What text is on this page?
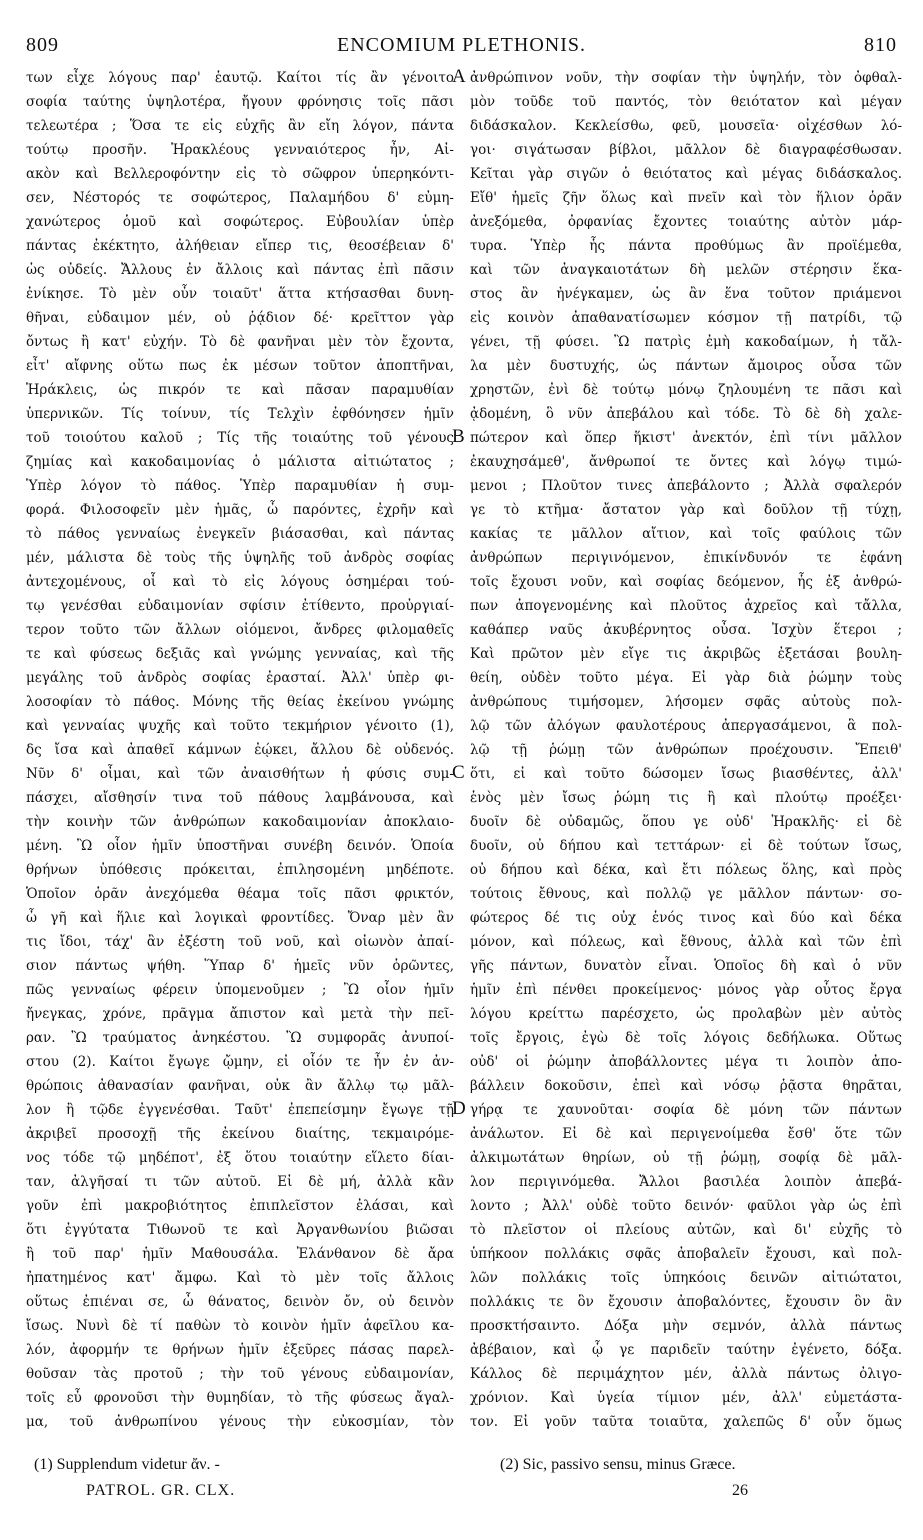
809	ENCOMIUM PLETHONIS.	810

των εἶχε λόγους παρ' ἑαυτῷ. Καίτοι τίς ἂν γένοιτο

σοφία ταύτης ὑψηλοτέρα, ἤγουν φρόνησις τοῖς πᾶσι

τελεωτέρα ; Ὅσα τε εἰς εὐχῆς ἂν εἴη λόγον, πάντα

τούτῳ προσῆν. Ἡρακλέους γενναιότερος ἦν, Αἰ-

ακὸν καὶ Βελλεροφόντην εἰς τὸ σῶφρον ὑπερηκόντι-

σεν, Νέστορός τε σοφώτερος, Παλαμήδου δ' εὐμη-

χανώτερος ὁμοῦ καὶ σοφώτερος. Εὐβουλίαν ὑπὲρ

πάντας ἐκέκτητο, ἀλήθειαν εἴπερ τις, θεοσέβειαν δ'

ὡς οὐδείς. Ἄλλους ἐν ἄλλοις καὶ πάντας ἐπὶ πᾶσιν

ἐνίκησε. Τὸ μὲν οὖν τοιαῦτ' ἅττα κτήσασθαι δυνη-

θῆναι, εὐδαιμον μέν, οὐ ῥᾴδιον δέ· κρεῖττον γὰρ

ὄντως ἢ κατ' εὐχήν. Τὸ δὲ φανῆναι μὲν τὸν ἔχοντα,

εἶτ' αἴφνης οὕτω πως ἐκ μέσων τοῦτον ἀποπτῆναι,

Ἡράκλεις, ὡς πικρόν τε καὶ πᾶσαν παραμυθίαν

ὑπερνικῶν. Τίς τοίνυν, τίς Τελχὶν ἐφθόνησεν ἡμῖν

τοῦ τοιούτου καλοῦ ; Τίς τῆς τοιαύτης τοῦ γένους

ζημίας καὶ κακοδαιμονίας ὁ μάλιστα αἰτιώτατος ;

Ὑπὲρ λόγον τὸ πάθος. Ὑπὲρ παραμυθίαν ἡ συμ-

φορά. Φιλοσοφεῖν μὲν ἡμᾶς, ὦ παρόντες, ἐχρῆν καὶ

τὸ πάθος γενναίως ἐνεγκεῖν βιάσασθαι, καὶ πάντας

μέν, μάλιστα δὲ τοὺς τῆς ὑψηλῆς τοῦ ἀνδρὸς σοφίας

ἀντεχομένους, οἷ καὶ τὸ εἰς λόγους ὁσημέραι τού-

τῳ γενέσθαι εὐδαιμονίαν σφίσιν ἐτίθεντο, προὐργιαί-

τερον τοῦτο τῶν ἄλλων οἰόμενοι, ἄνδρες φιλομαθεῖς

τε καὶ φύσεως δεξιᾶς καὶ γνώμης γενναίας, καὶ τῆς

μεγάλης τοῦ ἀνδρὸς σοφίας ἐρασταί. Ἀλλ' ὑπὲρ φι-

λοσοφίαν τὸ πάθος. Μόνης τῆς θείας ἐκείνου γνώμης

καὶ γενναίας ψυχῆς καὶ τοῦτο τεκμήριον γένοιτο (1),

δς ἴσα καὶ ἀπαθεῖ κάμνων ἐῴκει, ἄλλου δὲ οὐδενός.

Νῦν δ' οἶμαι, καὶ τῶν ἀναισθήτων ἡ φύσις συμ-

πάσχει, αἴσθησίν τινα τοῦ πάθους λαμβάνουσα, καὶ

τὴν κοινὴν τῶν ἀνθρώπων κακοδαιμονίαν ἀποκλαιο-

μένη. Ὢ οἷον ἡμῖν ὑποστῆναι συνέβη δεινόν. Ὁποία

θρήνων ὑπόθεσις πρόκειται, ἐπιλησομένη μηδέποτε.

Ὁποῖον ὁρᾶν ἀνεχόμεθα θέαμα τοῖς πᾶσι φρικτόν,

ὦ γῆ καὶ ἥλιε καὶ λογικαὶ φροντίδες. Ὄναρ μὲν ἂν

τις ἴδοι, τάχ' ἂν ἐξέστη τοῦ νοῦ, καὶ οἰωνὸν ἀπαί-

σιον πάντως ψήθη. Ὕπαρ δ' ἡμεῖς νῦν ὁρῶντες,

πῶς γενναίως φέρειν ὑπομενοῦμεν ; Ὢ οἷον ἡμῖν

ἤνεγκας, χρόνε, πρᾶγμα ἄπιστον καὶ μετὰ τὴν πεῖ-

ραν. Ὢ τραύματος ἀνηκέστου. Ὢ συμφορᾶς ἀνυποί-

στου (2). Καίτοι ἔγωγε ᾤμην, εἰ οἷόν τε ἦν ἐν ἀν-

θρώποις ἀθανασίαν φανῆναι, οὐκ ἂν ἄλλῳ τῳ μᾶλ-

λον ἢ τῷδε ἐγγενέσθαι. Ταῦτ' ἐπεπείσμην ἔγωγε τῇ

ἀκριβεῖ προσοχῇ τῆς ἐκείνου διαίτης, τεκμαιρόμε-

νος τόδε τῷ μηδέποτ', ἐξ ὅτου τοιαύτην εἵλετο δίαι-

ταν, ἀλγῆσαί τι τῶν αὐτοῦ. Εἰ δὲ μή, ἀλλὰ κἂν

γοῦν ἐπὶ μακροβιότητος ἐπιπλεῖστον ἐλάσαι, καὶ

ὅτι ἐγγύτατα Τιθωνοῦ τε καὶ Ἀργανθωνίου βιῶσαι

ἢ τοῦ παρ' ἡμῖν Μαθουσάλα. Ἐλάνθανον δὲ ἄρα

ἠπατημένος κατ' ἄμφω. Καὶ τὸ μὲν τοῖς ἄλλοις

οὕτως ἐπιέναι σε, ὦ θάνατος, δεινὸν ὄν, οὐ δεινὸν

ἴσως. Νυνὶ δὲ τί παθὼν τὸ κοινὸν ἡμῖν ἀφεῖλου κα-

λόν, ἀφορμήν τε θρήνων ἡμῖν ἐξεῦρες πάσας παρελ-

θοῦσαν τὰς προτοῦ ; τὴν τοῦ γένους εὐδαιμονίαν,

τοῖς εὖ φρονοῦσι τὴν θυμηδίαν, τὸ τῆς φύσεως ἄγαλ-

μα, τοῦ ἀνθρωπίνου γένους τὴν εὐκοσμίαν, τὸν

ἀνθρώπινον νοῦν, τὴν σοφίαν τὴν ὑψηλήν, τὸν ὀφθαλ-

μὸν τοῦδε τοῦ παντός, τὸν θειότατον καὶ μέγαν

διδάσκαλον. Κεκλείσθω, φεῦ, μουσεῖα· οἰχέσθων λό-

γοι· σιγάτωσαν βίβλοι, μᾶλλον δὲ διαγραφέσθωσαν.

Κεῖται γὰρ σιγῶν ὁ θειότατος καὶ μέγας διδάσκαλος.

Εἴθ' ἡμεῖς ζῆν ὅλως καὶ πνεῖν καὶ τὸν ἥλιον ὁρᾶν

ἀνεξόμεθα, ὀρφανίας ἔχοντες τοιαύτης αὐτὸν μάρ-

τυρα. Ὑπὲρ ἧς πάντα προθύμως ἂν προϊέμεθα,

καὶ τῶν ἀναγκαιοτάτων δὴ μελῶν στέρησιν ἕκα-

στος ἂν ἠνέγκαμεν, ὡς ἂν ἕνα τοῦτον πριάμενοι

εἰς κοινὸν ἀπαθανατίσωμεν κόσμον τῇ πατρίδι, τῷ

γένει, τῇ φύσει. Ὢ πατρὶς ἐμὴ κακοδαίμων, ἡ τἄλ-

λα μὲν δυστυχής, ὡς πάντων ἄμοιρος οὖσα τῶν

χρηστῶν, ἐνὶ δὲ τούτῳ μόνῳ ζηλουμένη τε πᾶσι καὶ

ᾀδομένη, ὃ νῦν ἀπεβάλου καὶ τόδε. Τὸ δὲ δὴ χαλε-

πώτερον καὶ ὅπερ ἥκιστ' ἀνεκτόν, ἐπὶ τίνι μᾶλλον

ἐκαυχησάμεθ', ἄνθρωποί τε ὄντες καὶ λόγῳ τιμώ-

μενοι ; Πλοῦτον τινες ἀπεβάλοντο ; Ἀλλὰ σφαλερόν

γε τὸ κτῆμα· ἄστατον γὰρ καὶ δοῦλον τῇ τύχῃ,

κακίας τε μᾶλλον αἴτιον, καὶ τοῖς φαύλοις τῶν

ἀνθρώπων περιγινόμενον, ἐπικίνδυνόν τε ἐφάνη

τοῖς ἔχουσι νοῦν, καὶ σοφίας δεόμενον, ἧς ἐξ ἀνθρώ-

πων ἀπογενομένης καὶ πλοῦτος ἀχρεῖος καὶ τἄλλα,

καθάπερ ναῦς ἀκυβέρνητος οὖσα. Ἰσχὺν ἕτεροι ;

Καὶ πρῶτον μὲν εἴγε τις ἀκριβῶς ἐξετάσαι βουλη-

θείη, οὐδὲν τοῦτο μέγα. Εἰ γὰρ διὰ ῥώμην τοὺς

ἀνθρώπους τιμήσομεν, λήσομεν σφᾶς αὐτοὺς πολ-

λῷ τῶν ἀλόγων φαυλοτέρους ἀπεργασάμενοι, ἃ πολ-

λῷ τῇ ῥώμῃ τῶν ἀνθρώπων προέχουσιν. Ἔπειθ'

ὅτι, εἰ καὶ τοῦτο δώσομεν ἴσως βιασθέντες, ἀλλ'

ἑνὸς μὲν ἴσως ῥώμη τις ἢ καὶ πλούτῳ προέξει·

δυοῖν δὲ οὐδαμῶς, ὅπου γε οὐδ' Ἡρακλῆς· εἰ δὲ

δυοῖν, οὐ δήπου καὶ τεττάρων· εἰ δὲ τούτων ἴσως,

οὐ δήπου καὶ δέκα, καὶ ἔτι πόλεως ὅλης, καὶ πρὸς

τούτοις ἔθνους, καὶ πολλῷ γε μᾶλλον πάντων· σο-

φώτερος δέ τις οὐχ ἑνός τινος καὶ δύο καὶ δέκα

μόνον, καὶ πόλεως, καὶ ἔθνους, ἀλλὰ καὶ τῶν ἐπὶ

γῆς πάντων, δυνατὸν εἶναι. Ὁποῖος δὴ καὶ ὁ νῦν

ἡμῖν ἐπὶ πένθει προκείμενος· μόνος γὰρ οὗτος ἔργα

λόγου κρείττω παρέσχετο, ὡς προλαβὼν μὲν αὐτὸς

τοῖς ἔργοις, ἐγὼ δὲ τοῖς λόγοις δεδήλωκα. Οὕτως

οὐδ' οἱ ῥώμην ἀποβάλλοντες μέγα τι λοιπὸν ἀπο-

βάλλειν δοκοῦσιν, ἐπεὶ καὶ νόσῳ ῥᾷστα θηρᾶται,

γήρᾳ τε χαυνοῦται· σοφία δὲ μόνη τῶν πάντων

ἀνάλωτον. Εἰ δὲ καὶ περιγενοίμεθα ἔσθ' ὅτε τῶν

ἀλκιμωτάτων θηρίων, οὐ τῇ ῥώμῃ, σοφίᾳ δὲ μᾶλ-

λον περιγινόμεθα. Ἄλλοι βασιλέα λοιπὸν ἀπεβά-

λοντο ; Ἀλλ' οὐδὲ τοῦτο δεινόν· φαῦλοι γὰρ ὡς ἐπὶ

τὸ πλεῖστον οἱ πλείους αὐτῶν, καὶ δι' εὐχῆς τὸ

ὑπήκοον πολλάκις σφᾶς ἀποβαλεῖν ἔχουσι, καὶ πολ-

λῶν πολλάκις τοῖς ὑπηκόοις δεινῶν αἰτιώτατοι,

πολλάκις τε ὃν ἔχουσιν ἀποβαλόντες, ἔχουσιν ὃν ἂν

προσκτήσαιντο. Δόξα μὴν σεμνόν, ἀλλὰ πάντως

ἀβέβαιον, καὶ ᾧ γε παριδεῖν ταύτην ἐγένετο, δόξα.

Κάλλος δὲ περιμάχητον μέν, ἀλλὰ πάντως ὀλιγο-

χρόνιον. Καὶ ὑγεία τίμιον μέν, ἀλλ' εὐμετάστα-

τον. Εἰ γοῦν ταῦτα τοιαῦτα, χαλεπῶς δ' οὖν ὅμως

A
B
C
D
(1) Supplendum videtur ἄν. -
PATROL. GR. CLX.
(2) Sic, passivo sensu, minus Græce.
26
